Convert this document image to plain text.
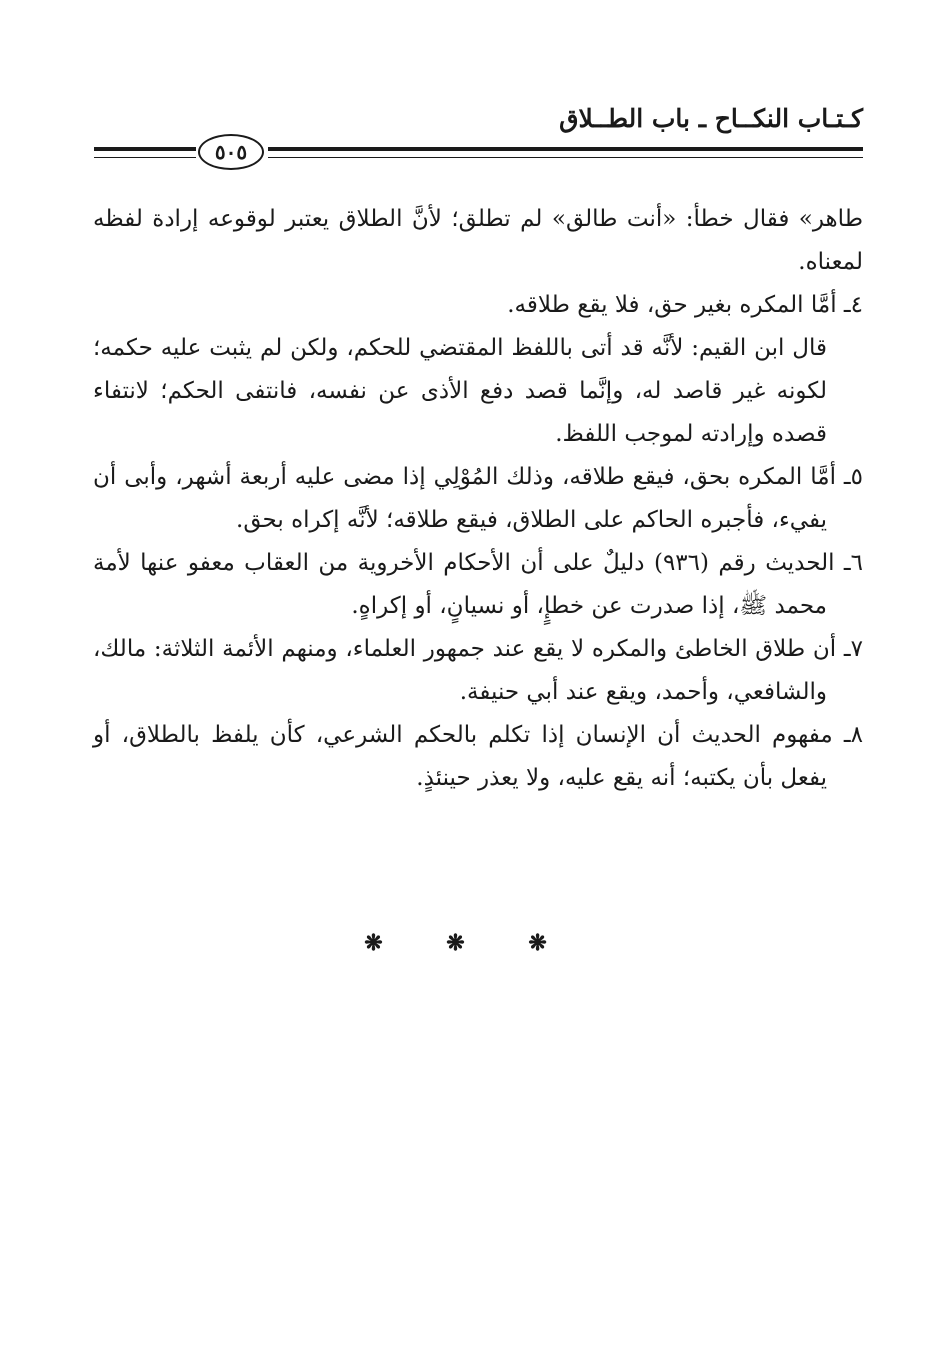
كـتـاب النكــاح ـ باب الطــلاق
٥٠٥

طاهر» فقال خطأ: «أنت طالق» لم تطلق؛ لأنَّ الطلاق يعتبر لوقوعه إرادة لفظه لمعناه.

٤ـ أمَّا المكره بغير حق، فلا يقع طلاقه.

قال ابن القيم: لأنَّه قد أتى باللفظ المقتضي للحكم، ولكن لم يثبت عليه حكمه؛ لكونه غير قاصد له، وإنَّما قصد دفع الأذى عن نفسه، فانتفى الحكم؛ لانتفاء قصده وإرادته لموجب اللفظ.

٥ـ أمَّا المكره بحق، فيقع طلاقه، وذلك المُوْلِي إذا مضى عليه أربعة أشهر، وأبى أن يفيء، فأجبره الحاكم على الطلاق، فيقع طلاقه؛ لأنَّه إكراه بحق.

٦ـ الحديث رقم (٩٣٦) دليلٌ على أن الأحكام الأخروية من العقاب معفو عنها لأمة محمد ﷺ، إذا صدرت عن خطإٍ، أو نسيانٍ، أو إكراهٍ.

٧ـ أن طلاق الخاطئ والمكره لا يقع عند جمهور العلماء، ومنهم الأئمة الثلاثة: مالك، والشافعي، وأحمد، ويقع عند أبي حنيفة.

٨ـ مفهوم الحديث أن الإنسان إذا تكلم بالحكم الشرعي، كأن يلفظ بالطلاق، أو يفعل بأن يكتبه؛ أنه يقع عليه، ولا يعذر حينئذٍ.

❋ ❋ ❋
